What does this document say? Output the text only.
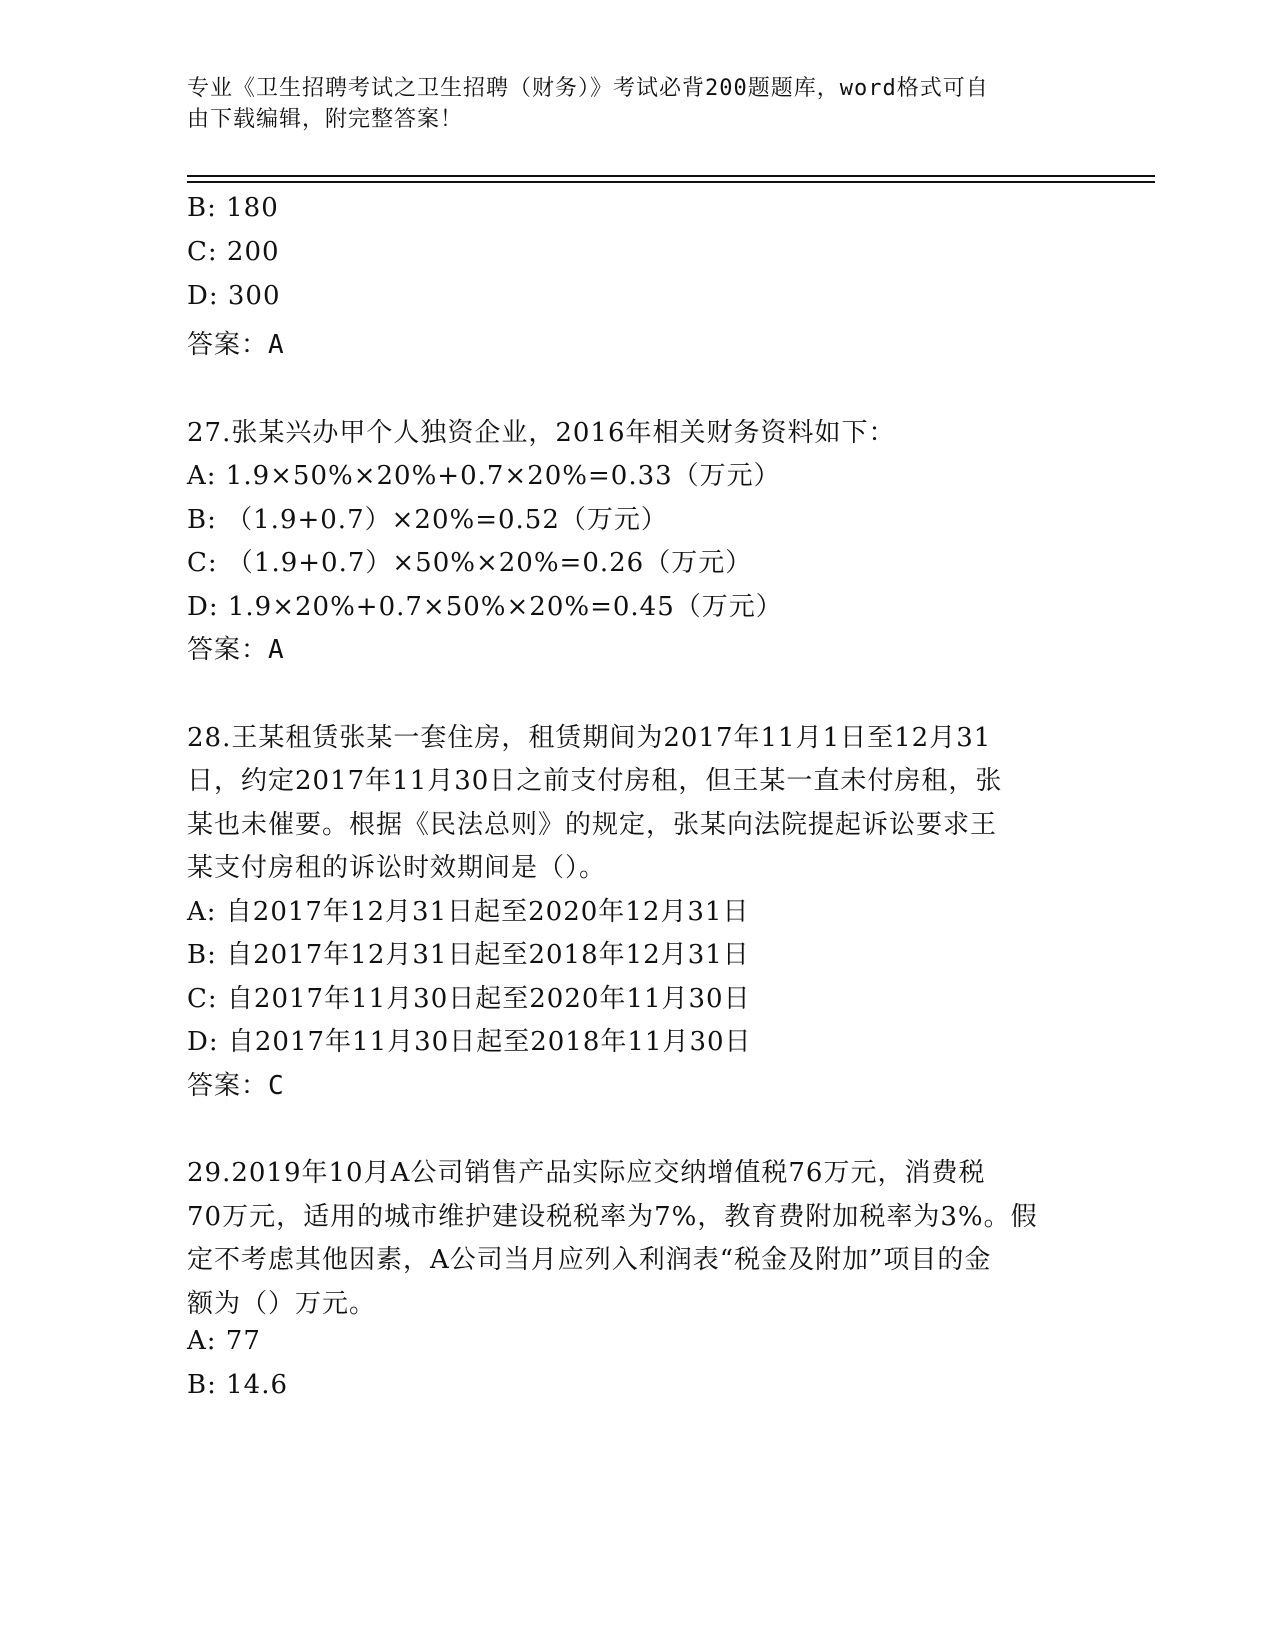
专业《卫生招聘考试之卫生招聘（财务）》考试必背200题题库，word格式可自
由下载编辑，附完整答案！
B: 180
C: 200
D: 300
答案：A
27.张某兴办甲个人独资企业，2016年相关财务资料如下：
A: 1.9×50%×20%+0.7×20%=0.33（万元）
B: （1.9+0.7）×20%=0.52（万元）
C: （1.9+0.7）×50%×20%=0.26（万元）
D: 1.9×20%+0.7×50%×20%=0.45（万元）
答案：A
28.王某租赁张某一套住房，租赁期间为2017年11月1日至12月31
日，约定2017年11月30日之前支付房租，但王某一直未付房租，张
某也未催要。根据《民法总则》的规定，张某向法院提起诉讼要求王
某支付房租的诉讼时效期间是（）。
A: 自2017年12月31日起至2020年12月31日
B: 自2017年12月31日起至2018年12月31日
C: 自2017年11月30日起至2020年11月30日
D: 自2017年11月30日起至2018年11月30日
答案：C
29.2019年10月A公司销售产品实际应交纳增值税76万元，消费税
70万元，适用的城市维护建设税税率为7%，教育费附加税率为3%。假
定不考虑其他因素，A公司当月应列入利润表“税金及附加”项目的金
额为（）万元。
A: 77
B: 14.6
